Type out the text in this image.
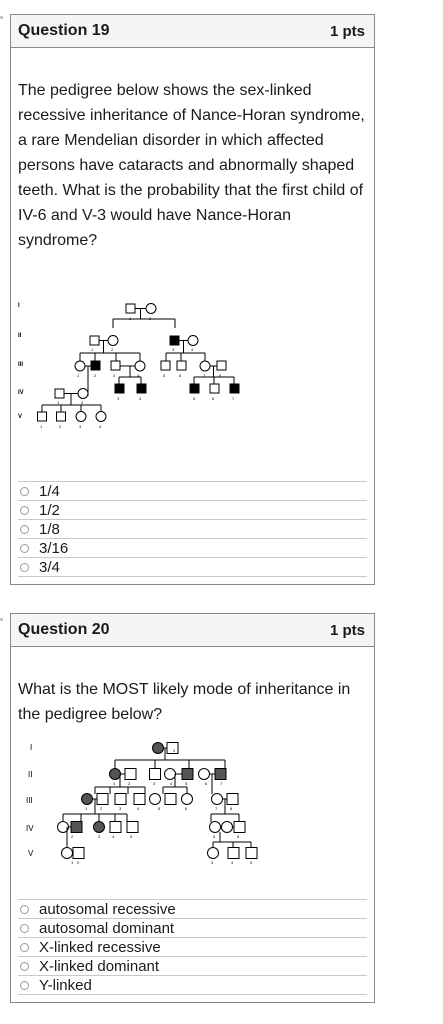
Question 19	1 pts
The pedigree below shows the sex-linked recessive inheritance of Nance-Horan syndrome, a rare Mendelian disorder in which affected persons have cataracts and abnormally shaped teeth. What is the probability that the first child of IV-6 and V-3 would have Nance-Horan syndrome?
1	2
1	2	3	4
1	2	3	4	5	6	7	8
1	2
3	4	5	6	7
1	2	3	4
I
II
III
IV
V
1/4
1/2
1/8
3/16
3/4
Question 20	1 pts
What is the MOST likely mode of inheritance in the pedigree below?
2
1	2	3	4	5	6	7
1	2	3	4	5	6	7	8
2	3	4	5	5	6
1 2	3	4	5
I
II
III
IV
V
autosomal recessive
autosomal dominant
X-linked recessive
X-linked dominant
Y-linked
